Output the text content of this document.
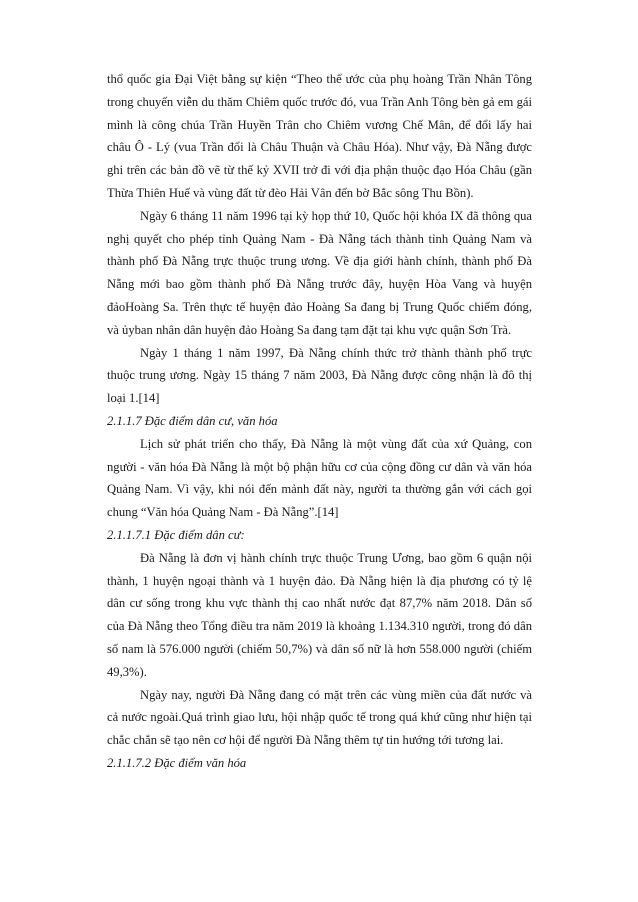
thổ quốc gia Đại Việt bằng sự kiện “Theo thể ước của phụ hoàng Trần Nhân Tông trong chuyến viễn du thăm Chiêm quốc trước đó, vua Trần Anh Tông bèn gả em gái mình là công chúa Trần Huyền Trân cho Chiêm vương Chế Mân, để đổi lấy hai châu Ô - Lý (vua Trần đổi là Châu Thuận và Châu Hóa). Như vậy, Đà Nẵng được ghi trên các bản đồ vẽ từ thế kỷ XVII trở đi với địa phận thuộc đạo Hóa Châu (gần Thừa Thiên Huế và vùng đất từ đèo Hải Vân đến bờ Bắc sông Thu Bồn).

Ngày 6 tháng 11 năm 1996 tại kỳ họp thứ 10, Quốc hội khóa IX đã thông qua nghị quyết cho phép tỉnh Quảng Nam - Đà Nẵng tách thành tỉnh Quảng Nam và thành phố Đà Nẵng trực thuộc trung ương. Về địa giới hành chính, thành phố Đà Nẵng mới bao gồm thành phố Đà Nẵng trước đây, huyện Hòa Vang và huyện đảoHoàng Sa. Trên thực tế huyện đảo Hoàng Sa đang bị Trung Quốc chiếm đóng, và ủyban nhân dân huyện đảo Hoàng Sa đang tạm đặt tại khu vực quận Sơn Trà.

Ngày 1 tháng 1 năm 1997, Đà Nẵng chính thức trở thành thành phố trực thuộc trung ương. Ngày 15 tháng 7 năm 2003, Đà Nẵng được công nhận là đô thị loại 1.[14]

2.1.1.7 Đặc điểm dân cư, văn hóa

Lịch sử phát triển cho thấy, Đà Nẵng là một vùng đất của xứ Quảng, con người - văn hóa Đà Nẵng là một bộ phận hữu cơ của cộng đồng cư dân và văn hóa Quảng Nam. Vì vậy, khi nói đến mảnh đất này, người ta thường gắn với cách gọi chung “Văn hóa Quảng Nam - Đà Nẵng”.[14]

2.1.1.7.1 Đặc điểm dân cư:

Đà Nẵng là đơn vị hành chính trực thuộc Trung Ương, bao gồm 6 quận nội thành, 1 huyện ngoại thành và 1 huyện đảo. Đà Nẵng hiện là địa phương có tỷ lệ dân cư sống trong khu vực thành thị cao nhất nước đạt 87,7% năm 2018. Dân số của Đà Nẵng theo Tổng điều tra năm 2019 là khoảng 1.134.310 người, trong đó dân số nam là 576.000 người (chiếm 50,7%) và dân số nữ là hơn 558.000 người (chiếm 49,3%).

Ngày nay, người Đà Nẵng đang có mặt trên các vùng miền của đất nước và cả nước ngoài.Quá trình giao lưu, hội nhập quốc tế trong quá khứ cũng như hiện tại chắc chắn sẽ tạo nên cơ hội để người Đà Nẵng thêm tự tin hướng tới tương lai.

2.1.1.7.2 Đặc điểm văn hóa
